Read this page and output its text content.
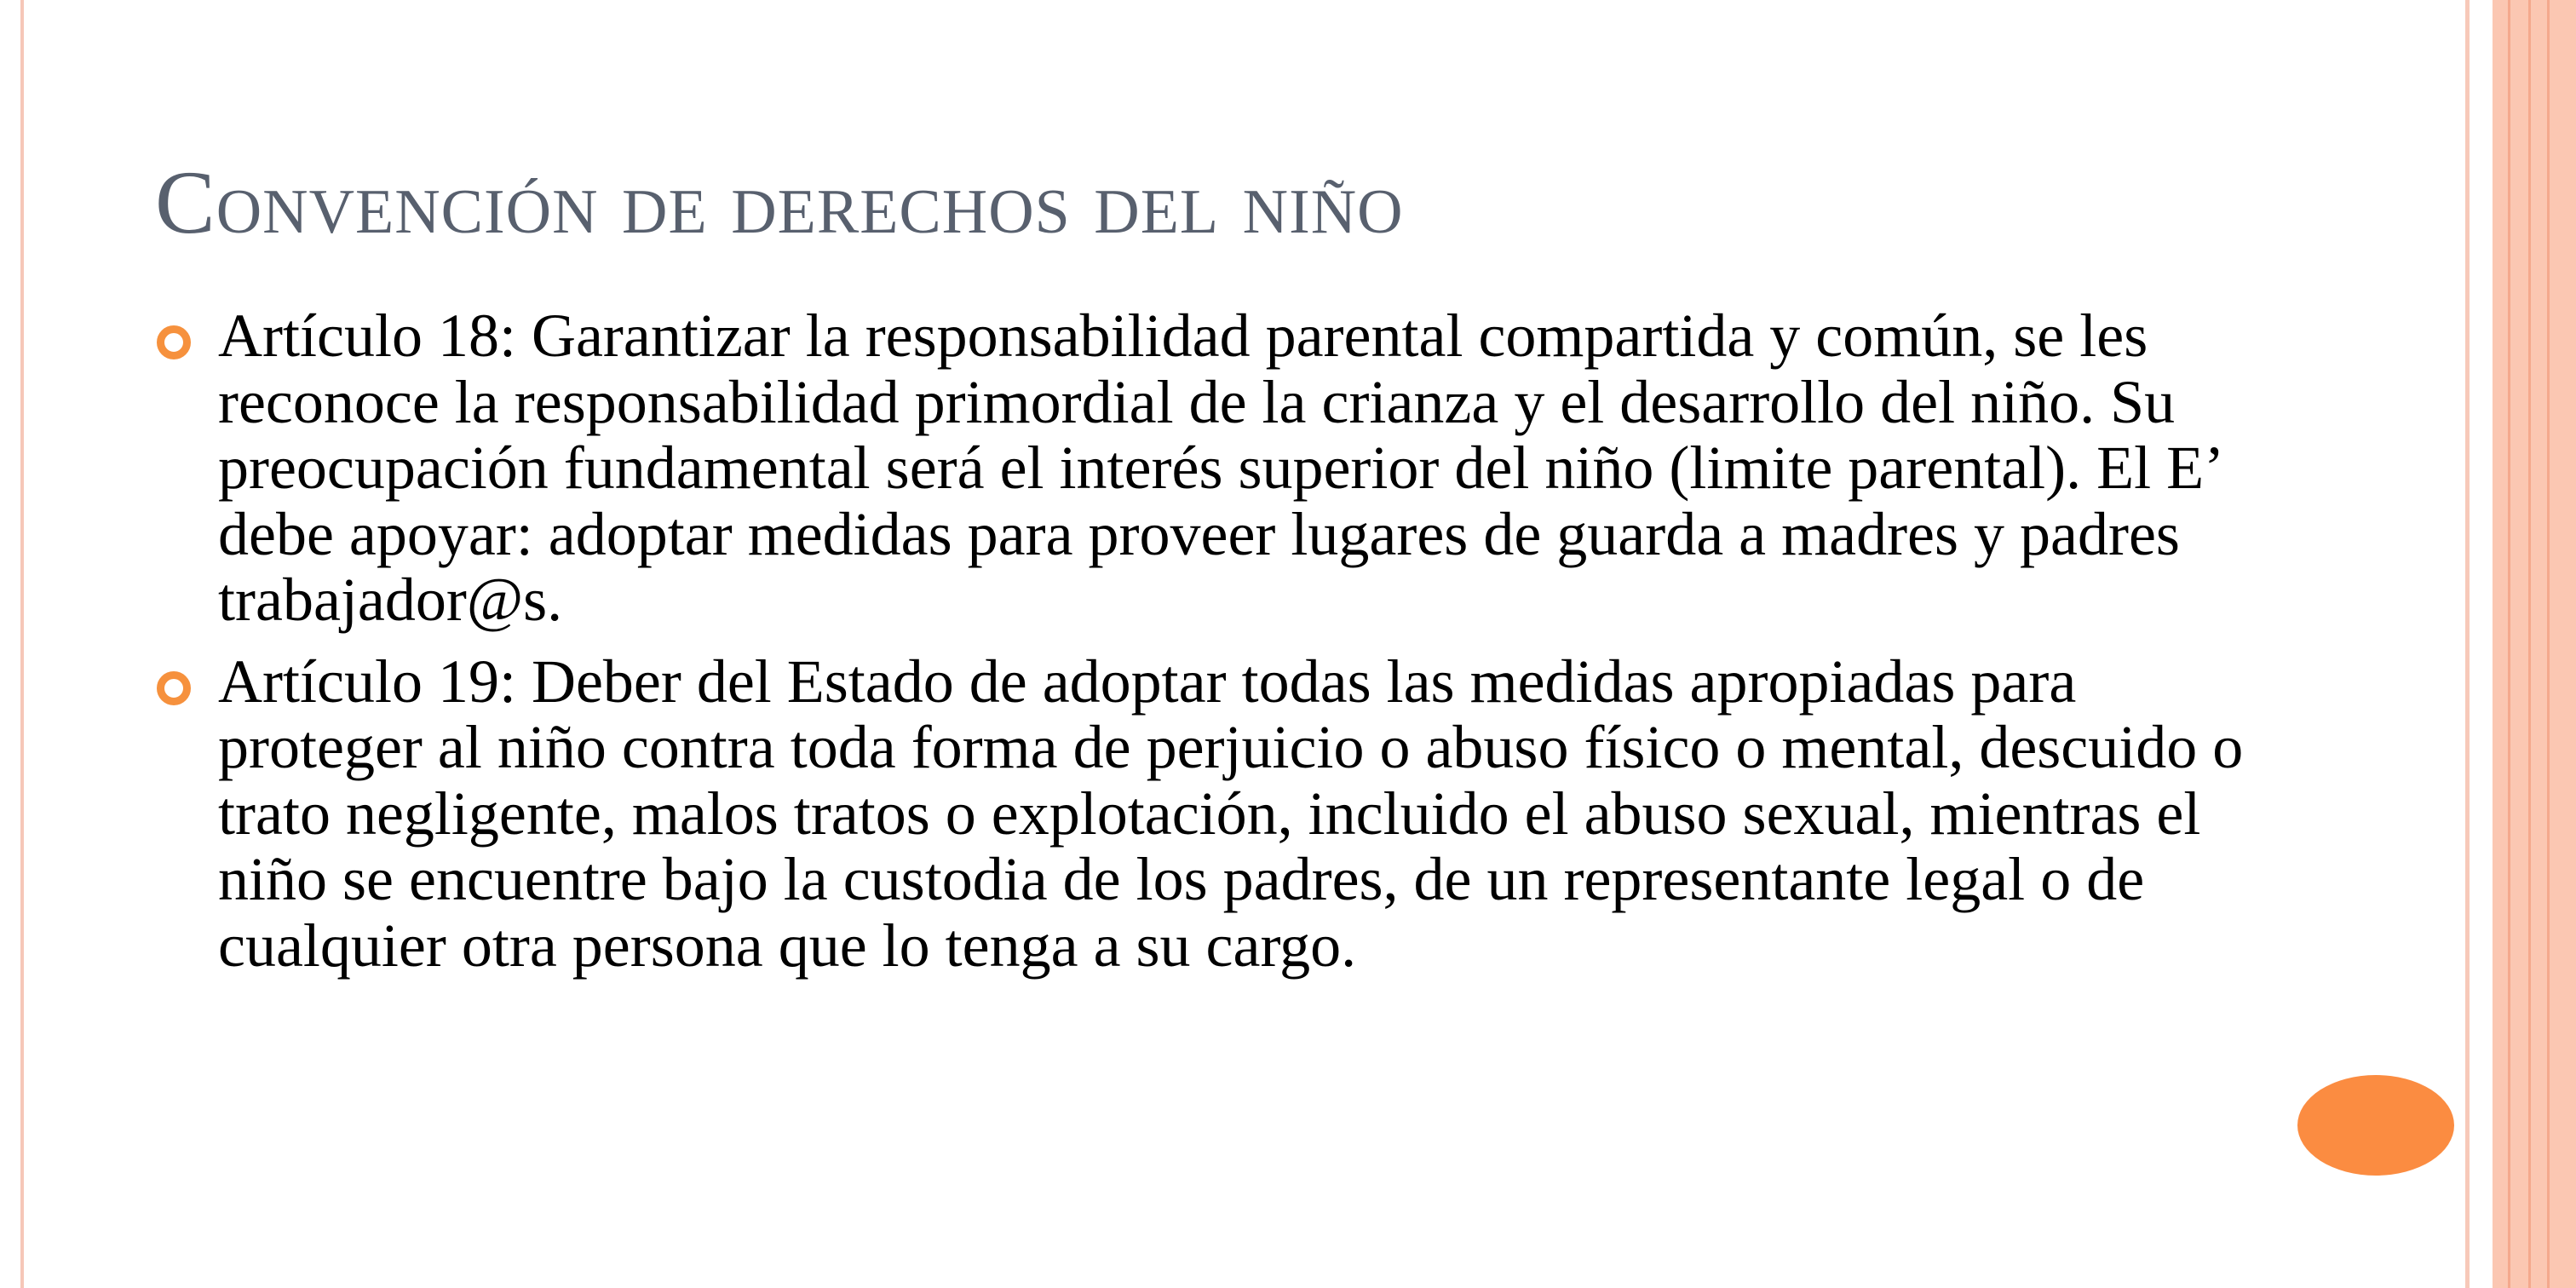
Convención de derechos del niño
Artículo 18: Garantizar la responsabilidad parental compartida y común, se les reconoce la responsabilidad primordial de la crianza y el desarrollo del niño. Su preocupación fundamental será el interés superior del niño (limite parental). El E’ debe apoyar: adoptar medidas para proveer lugares de guarda a madres y padres trabajador@s.
Artículo 19: Deber del Estado de adoptar todas las medidas apropiadas para proteger al niño contra toda forma de perjuicio o abuso físico o mental, descuido o trato negligente, malos tratos o explotación, incluido el abuso sexual, mientras el niño se encuentre bajo la custodia de los padres, de un representante legal o de cualquier otra persona que lo tenga a su cargo.
